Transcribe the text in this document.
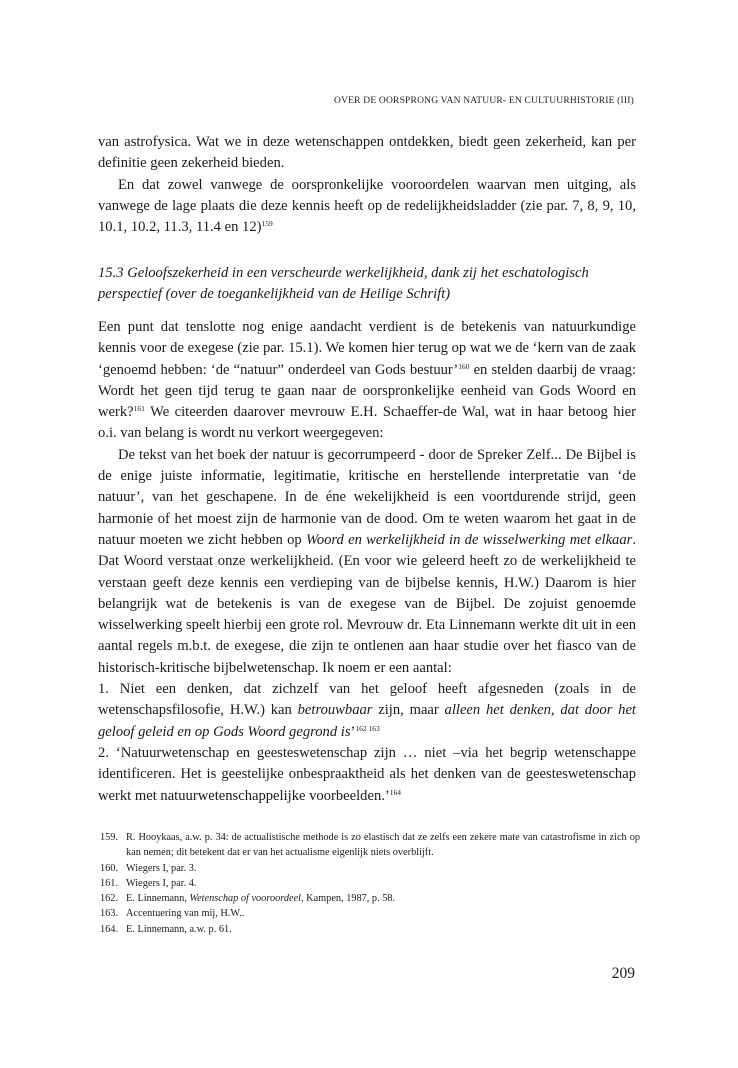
OVER DE OORSPRONG VAN NATUUR- EN CULTUURHISTORIE (III)

van astrofysica. Wat we in deze wetenschappen ontdekken, biedt geen zekerheid, kan per definitie geen zekerheid bieden.

En dat zowel vanwege de oorspronkelijke vooroordelen waarvan men uitging, als vanwege de lage plaats die deze kennis heeft op de redelijkheidsladder (zie par. 7, 8, 9, 10, 10.1, 10.2, 11.3, 11.4 en 12)$^{159}$

15.3 Geloofszekerheid in een verscheurde werkelijkheid, dank zij het eschatologisch perspectief (over de toegankelijkheid van de Heilige Schrift)

Een punt dat tenslotte nog enige aandacht verdient is de betekenis van natuurkundige kennis voor de exegese (zie par. 15.1). We komen hier terug op wat we de ‘kern van de zaak ‘genoemd hebben: ‘de “natuur” onderdeel van Gods bestuur’$^{160}$ en stelden daarbij de vraag: Wordt het geen tijd terug te gaan naar de oorspronkelijke eenheid van Gods Woord en werk?$^{161}$ We citeerden daarover mevrouw E.H. Schaeffer-de Wal, wat in haar betoog hier o.i. van belang is wordt nu verkort weergegeven:

De tekst van het boek der natuur is gecorrumpeerd - door de Spreker Zelf... De Bijbel is de enige juiste informatie, legitimatie, kritische en herstellende interpretatie van ‘de natuur’, van het geschapene. In de éne wekelijkheid is een voortdurende strijd, geen harmonie of het moest zijn de harmonie van de dood. Om te weten waarom het gaat in de natuur moeten we zicht hebben op Woord en werkelijkheid in de wisselwerking met elkaar. Dat Woord verstaat onze werkelijkheid. (En voor wie geleerd heeft zo de werkelijkheid te verstaan geeft deze kennis een verdieping van de bijbelse kennis, H.W.) Daarom is hier belangrijk wat de betekenis is van de exegese van de Bijbel. De zojuist genoemde wisselwerking speelt hierbij een grote rol. Mevrouw dr. Eta Linnemann werkte dit uit in een aantal regels m.b.t. de exegese, die zijn te ontlenen aan haar studie over het fiasco van de historisch-kritische bijbelwetenschap. Ik noem er een aantal:

1. Niet een denken, dat zichzelf van het geloof heeft afgesneden (zoals in de wetenschapsfilosofie, H.W.) kan betrouwbaar zijn, maar alleen het denken, dat door het geloof geleid en op Gods Woord gegrond is’$^{162 163}$

2. ‘Natuurwetenschap en geesteswetenschap zijn … niet –via het begrip wetenschappe identificeren. Het is geestelijke onbespraaktheid als het denken van de geesteswetenschap werkt met natuurwetenschappelijke voorbeelden.’$^{164}$

159. R. Hooykaas, a.w. p. 34: de actualistische methode is zo elastisch dat ze zelfs een zekere mate van catastrofisme in zich op kan nemen; dit betekent dat er van het actualisme eigenlijk niets overblijft.
160. Wiegers I, par. 3.
161. Wiegers I, par. 4.
162. E. Linnemann, Wetenschap of vooroordeel, Kampen, 1987, p. 58.
163. Accentuering van mij, H.W..
164. E. Linnemann, a.w. p. 61.
209
